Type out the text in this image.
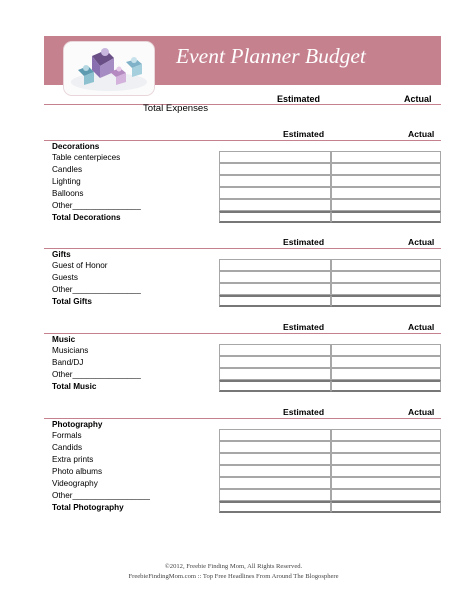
Event Planner Budget
Estimated	Actual
Total Expenses
Estimated	Actual
Decorations
Table centerpieces
Candles
Lighting
Balloons
Other_______________
Total Decorations
Estimated	Actual
Gifts
Guest of Honor
Guests
Other_______________
Total Gifts
Estimated	Actual
Music
Musicians
Band/DJ
Other_______________
Total Music
Estimated	Actual
Photography
Formals
Candids
Extra prints
Photo albums
Videography
Other_________________
Total Photography
©2012, Freebie Finding Mom, All Rights Reserved.
FreebieFindingMom.com :: Top Free Headlines From Around The Blogosphere
